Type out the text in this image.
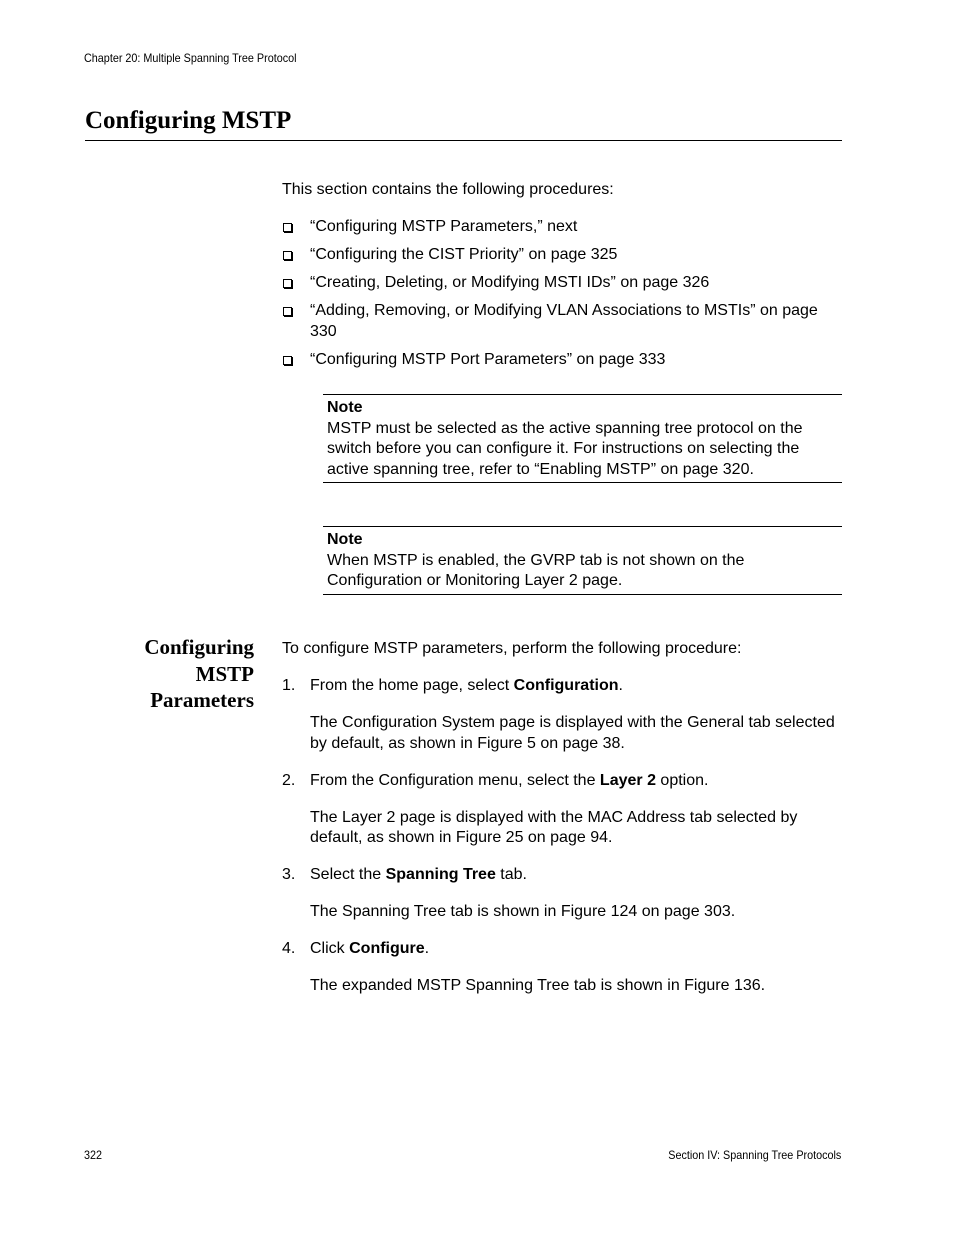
Chapter 20: Multiple Spanning Tree Protocol
Configuring MSTP

This section contains the following procedures:

“Configuring MSTP Parameters,” next
“Configuring the CIST Priority” on page 325
“Creating, Deleting, or Modifying MSTI IDs” on page 326
“Adding, Removing, or Modifying VLAN Associations to MSTIs” on page 330
“Configuring MSTP Port Parameters” on page 333
Note
MSTP must be selected as the active spanning tree protocol on the switch before you can configure it. For instructions on selecting the active spanning tree, refer to “Enabling MSTP” on page 320.
Note
When MSTP is enabled, the GVRP tab is not shown on the Configuration or Monitoring Layer 2 page.
Configuring
MSTP
Parameters

To configure MSTP parameters, perform the following procedure:

1. From the home page, select Configuration.
The Configuration System page is displayed with the General tab selected by default, as shown in Figure 5 on page 38.
2. From the Configuration menu, select the Layer 2 option.
The Layer 2 page is displayed with the MAC Address tab selected by default, as shown in Figure 25 on page 94.
3. Select the Spanning Tree tab.
The Spanning Tree tab is shown in Figure 124 on page 303.
4. Click Configure.
The expanded MSTP Spanning Tree tab is shown in Figure 136.
322	Section IV: Spanning Tree Protocols
